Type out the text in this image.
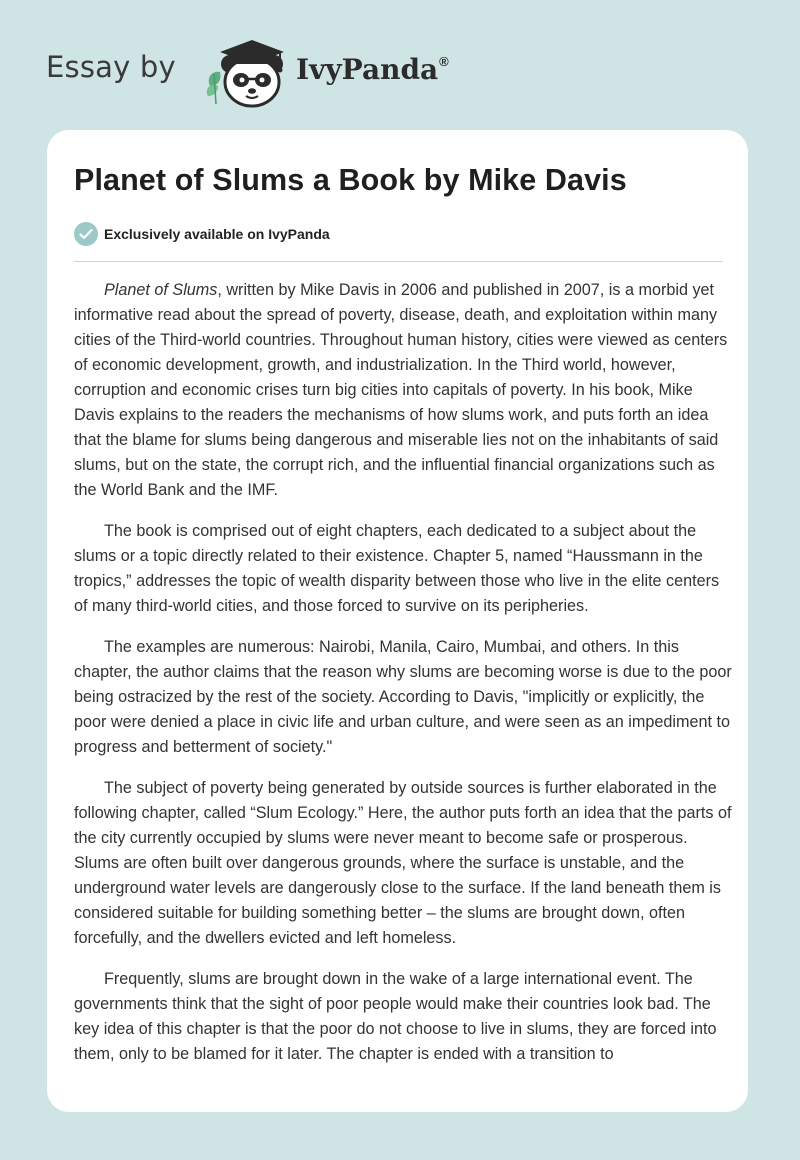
Essay by	IvyPanda®
Planet of Slums a Book by Mike Davis
Exclusively available on IvyPanda

Planet of Slums, written by Mike Davis in 2006 and published in 2007, is a morbid yet informative read about the spread of poverty, disease, death, and exploitation within many cities of the Third-world countries. Throughout human history, cities were viewed as centers of economic development, growth, and industrialization. In the Third world, however, corruption and economic crises turn big cities into capitals of poverty. In his book, Mike Davis explains to the readers the mechanisms of how slums work, and puts forth an idea that the blame for slums being dangerous and miserable lies not on the inhabitants of said slums, but on the state, the corrupt rich, and the influential financial organizations such as the World Bank and the IMF.

The book is comprised out of eight chapters, each dedicated to a subject about the slums or a topic directly related to their existence. Chapter 5, named “Haussmann in the tropics,” addresses the topic of wealth disparity between those who live in the elite centers of many third-world cities, and those forced to survive on its peripheries.

The examples are numerous: Nairobi, Manila, Cairo, Mumbai, and others. In this chapter, the author claims that the reason why slums are becoming worse is due to the poor being ostracized by the rest of the society. According to Davis, "implicitly or explicitly, the poor were denied a place in civic life and urban culture, and were seen as an impediment to progress and betterment of society."

The subject of poverty being generated by outside sources is further elaborated in the following chapter, called “Slum Ecology.” Here, the author puts forth an idea that the parts of the city currently occupied by slums were never meant to become safe or prosperous. Slums are often built over dangerous grounds, where the surface is unstable, and the underground water levels are dangerously close to the surface. If the land beneath them is considered suitable for building something better – the slums are brought down, often forcefully, and the dwellers evicted and left homeless.

Frequently, slums are brought down in the wake of a large international event. The governments think that the sight of poor people would make their countries look bad. The key idea of this chapter is that the poor do not choose to live in slums, they are forced into them, only to be blamed for it later. The chapter is ended with a transition to
